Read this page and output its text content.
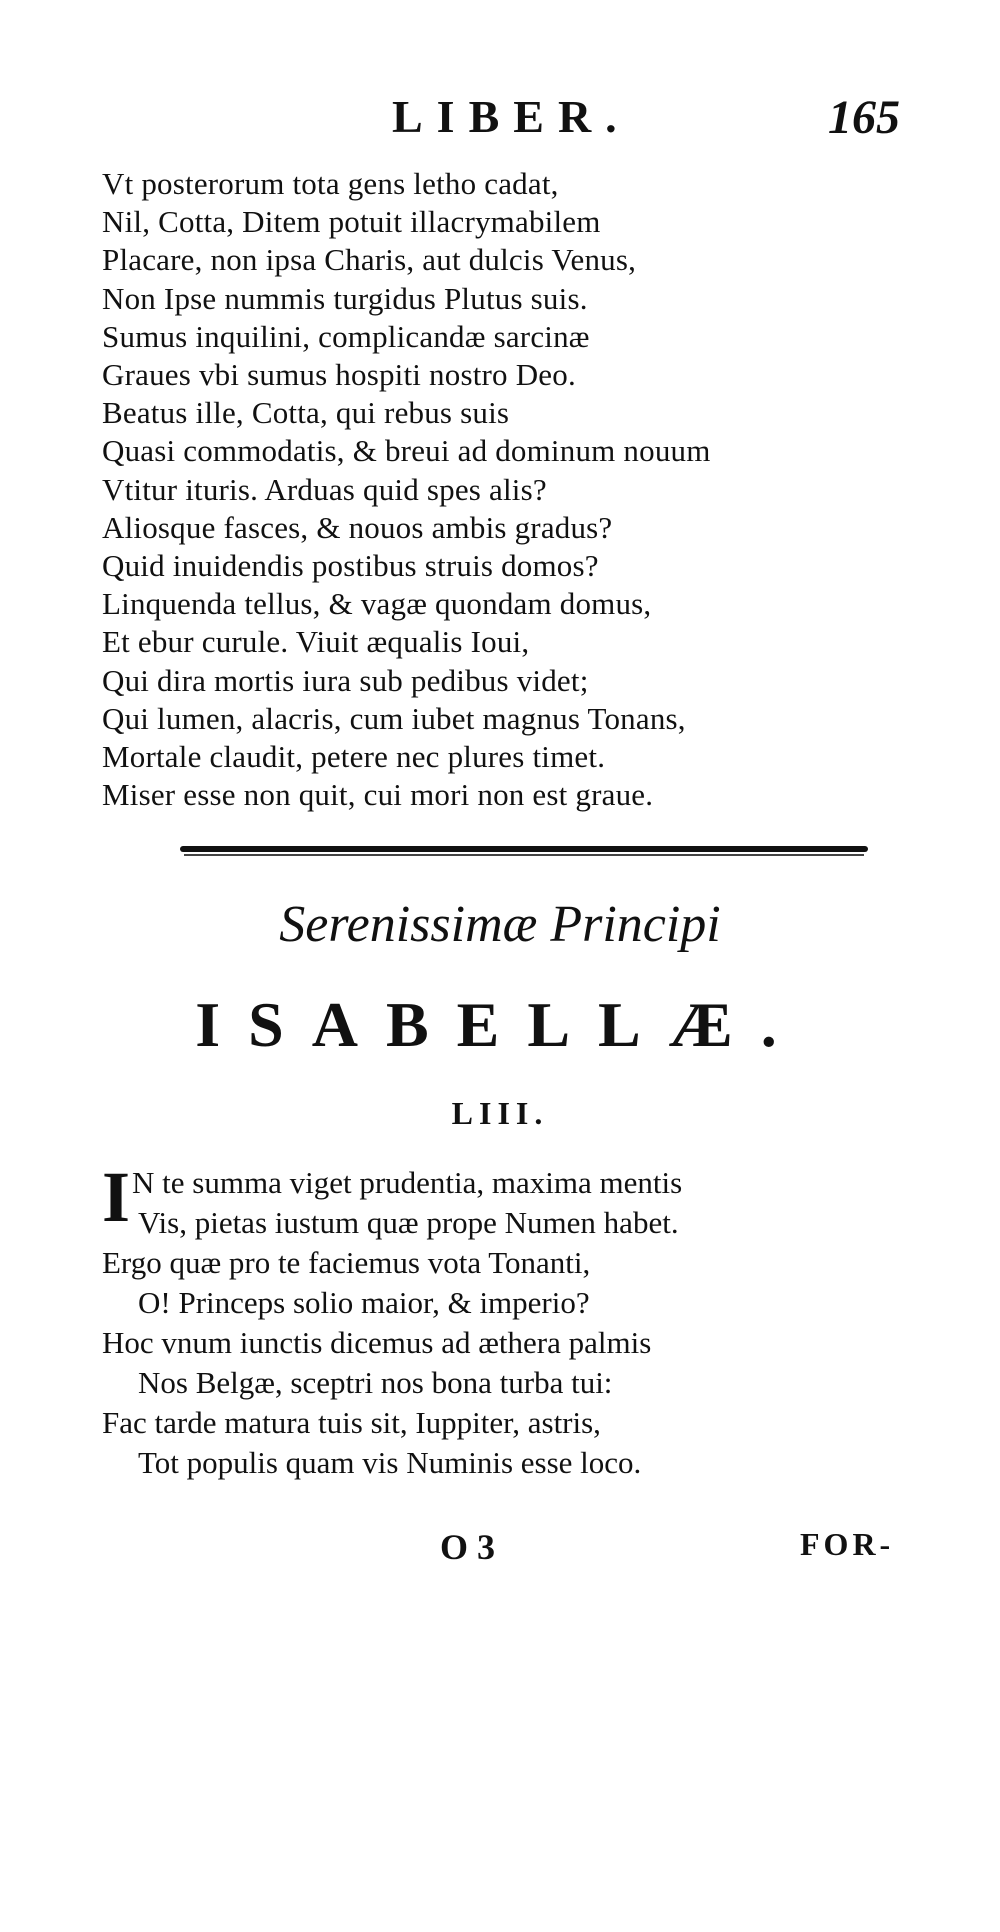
LIBER.	165
Vt posterorum tota gens letho cadat,
Nil, Cotta, Ditem potuit illacrymabilem
Placare, non ipsa Charis, aut dulcis Venus,
Non Ipse nummis turgidus Plutus suis.
Sumus inquilini, complicandæ sarcinæ
Graues vbi sumus hospiti nostro Deo.
Beatus ille, Cotta, qui rebus suis
Quasi commodatis, & breui ad dominum nouum
Vtitur ituris. Arduas quid spes alis?
Aliosque fasces, & nouos ambis gradus?
Quid inuidendis postibus struis domos?
Linquenda tellus, & vagæ quondam domus,
Et ebur curule. Viuit æqualis Ioui,
Qui dira mortis iura sub pedibus videt;
Qui lumen, alacris, cum iubet magnus Tonans,
Mortale claudit, petere nec plures timet.
Miser esse non quit, cui mori non est graue.
Serenissimæ Principi
ISABELLÆ.
LIII.
I N te summa viget prudentia, maxima mentis
Vis, pietas iustum quæ prope Numen habet.
Ergo quæ pro te faciemus vota Tonanti,
O! Princeps solio maior, & imperio?
Hoc vnum iunctis dicemus ad æthera palmis
Nos Belgæ, sceptri nos bona turba tui:
Fac tarde matura tuis sit, Iuppiter, astris,
Tot populis quam vis Numinis esse loco.
O 3	FOR-
